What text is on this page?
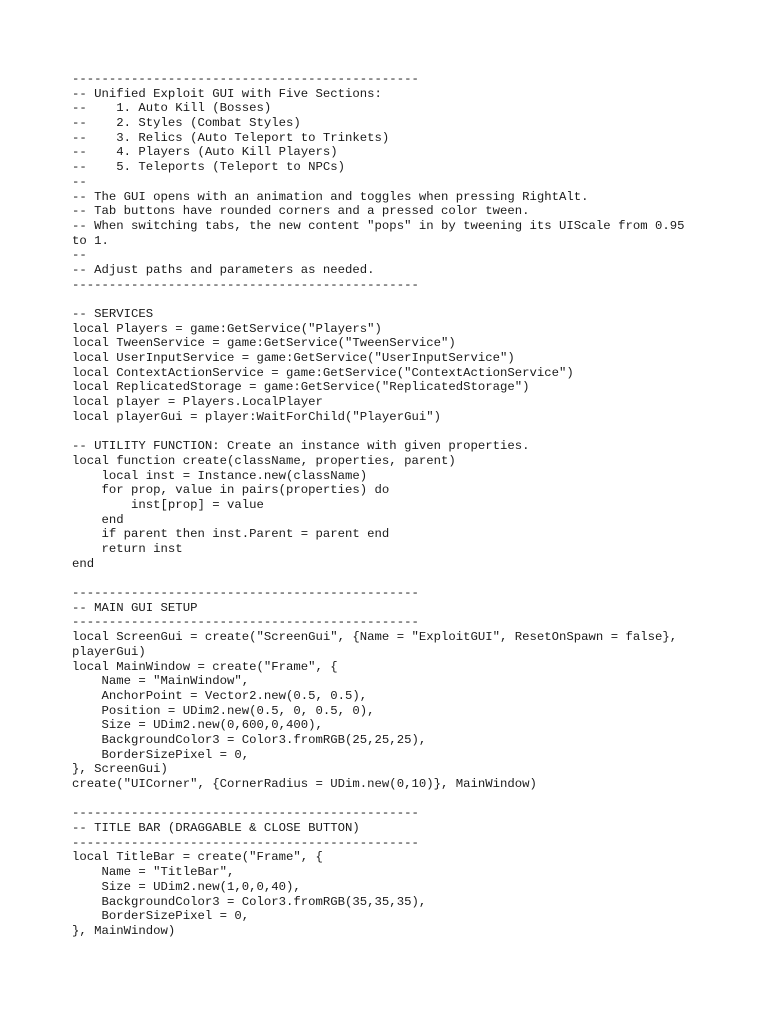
-----------------------------------------------
-- Unified Exploit GUI with Five Sections:
--    1. Auto Kill (Bosses)
--    2. Styles (Combat Styles)
--    3. Relics (Auto Teleport to Trinkets)
--    4. Players (Auto Kill Players)
--    5. Teleports (Teleport to NPCs)
--
-- The GUI opens with an animation and toggles when pressing RightAlt.
-- Tab buttons have rounded corners and a pressed color tween.
-- When switching tabs, the new content "pops" in by tweening its UIScale from 0.95
to 1.
--
-- Adjust paths and parameters as needed.
-----------------------------------------------
-- SERVICES
local Players = game:GetService("Players")
local TweenService = game:GetService("TweenService")
local UserInputService = game:GetService("UserInputService")
local ContextActionService = game:GetService("ContextActionService")
local ReplicatedStorage = game:GetService("ReplicatedStorage")
local player = Players.LocalPlayer
local playerGui = player:WaitForChild("PlayerGui")
-- UTILITY FUNCTION: Create an instance with given properties.
local function create(className, properties, parent)
local inst = Instance.new(className)
for prop, value in pairs(properties) do
inst[prop] = value
end
if parent then inst.Parent = parent end
return inst
end
-----------------------------------------------
-- MAIN GUI SETUP
-----------------------------------------------
local ScreenGui = create("ScreenGui", {Name = "ExploitGUI", ResetOnSpawn = false},
playerGui)
local MainWindow = create("Frame", {
Name = "MainWindow",
AnchorPoint = Vector2.new(0.5, 0.5),
Position = UDim2.new(0.5, 0, 0.5, 0),
Size = UDim2.new(0,600,0,400),
BackgroundColor3 = Color3.fromRGB(25,25,25),
BorderSizePixel = 0,
}, ScreenGui)
create("UICorner", {CornerRadius = UDim.new(0,10)}, MainWindow)
-----------------------------------------------
-- TITLE BAR (DRAGGABLE & CLOSE BUTTON)
-----------------------------------------------
local TitleBar = create("Frame", {
Name = "TitleBar",
Size = UDim2.new(1,0,0,40),
BackgroundColor3 = Color3.fromRGB(35,35,35),
BorderSizePixel = 0,
}, MainWindow)
